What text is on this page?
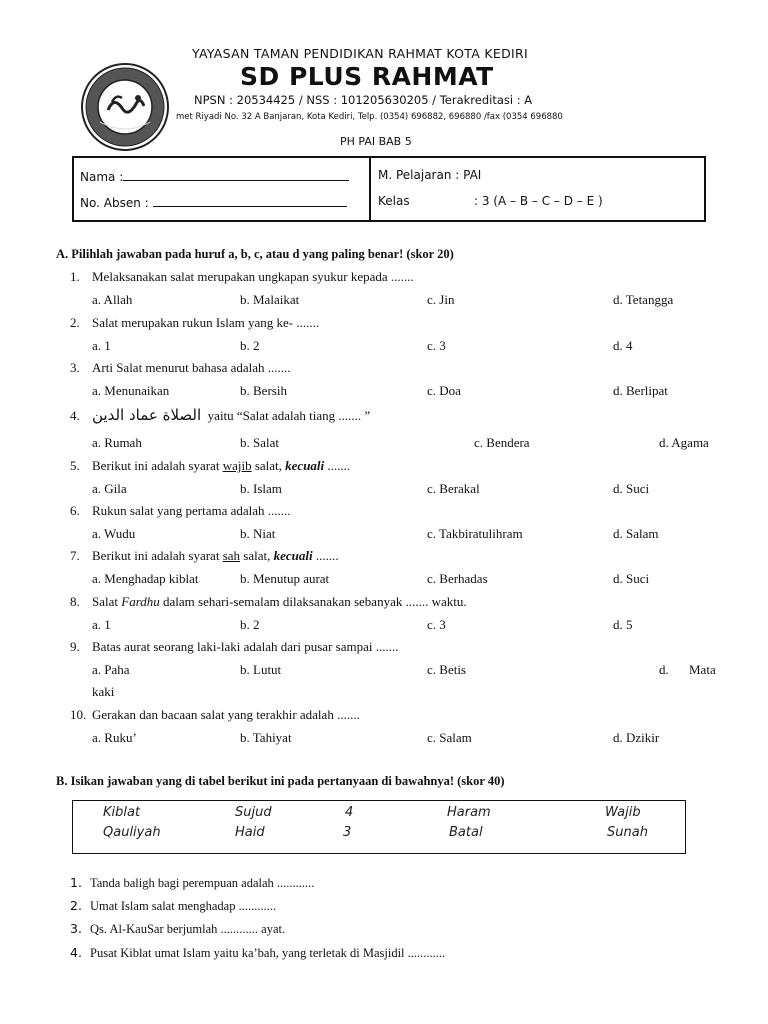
YAYASAN TAMAN PENDIDIKAN RAHMAT KOTA KEDIRI
SD PLUS RAHMAT
NPSN : 20534425 / NSS : 101205630205 / Terakreditasi : A
met Riyadi No. 32 A Banjaran, Kota Kediri, Telp. (0354) 696882, 696880 /fax (0354 696880
PH PAI BAB 5
Nama :
No. Absen :
M. Pelajaran : PAI
Kelas	: 3 (A – B – C – D – E )
A. Pilihlah jawaban pada huruf a, b, c, atau d yang paling benar! (skor 20)
1. Melaksanakan salat merupakan ungkapan syukur kepada .......
a. Allah	b. Malaikat	c. Jin	d. Tetangga
2. Salat merupakan rukun Islam yang ke- .......
a. 1	b. 2	c. 3	d. 4
3. Arti Salat menurut bahasa adalah .......
a. Menunaikan	b. Bersih	c. Doa	d. Berlipat
4. الصلاة عماد الدين yaitu “Salat adalah tiang ....... ”
a. Rumah	b. Salat	c. Bendera	d. Agama
5. Berikut ini adalah syarat wajib salat, kecuali .......
a. Gila	b. Islam	c. Berakal	d. Suci
6. Rukun salat yang pertama adalah .......
a. Wudu	b. Niat	c. Takbiratulihram	d. Salam
7. Berikut ini adalah syarat sah salat, kecuali .......
a. Menghadap kiblat	b. Menutup aurat	c. Berhadas	d. Suci
8. Salat Fardhu dalam sehari-semalam dilaksanakan sebanyak ....... waktu.
a. 1	b. 2	c. 3	d. 5
9. Batas aurat seorang laki-laki adalah dari pusar sampai .......
a. Paha	b. Lutut	c. Betis	d. Mata
kaki
10. Gerakan dan bacaan salat yang terakhir adalah .......
a. Ruku’	b. Tahiyat	c. Salam	d. Dzikir
B. Isikan jawaban yang di tabel berikut ini pada pertanyaan di bawahnya! (skor 40)
Kiblat	Sujud	4	Haram	Wajib
Qauliyah	Haid	3	Batal	Sunah
1. Tanda baligh bagi perempuan adalah ............
2. Umat Islam salat menghadap ............
3. Qs. Al-KauSar berjumlah ............ ayat.
4. Pusat Kiblat umat Islam yaitu ka’bah, yang terletak di Masjidil ............
